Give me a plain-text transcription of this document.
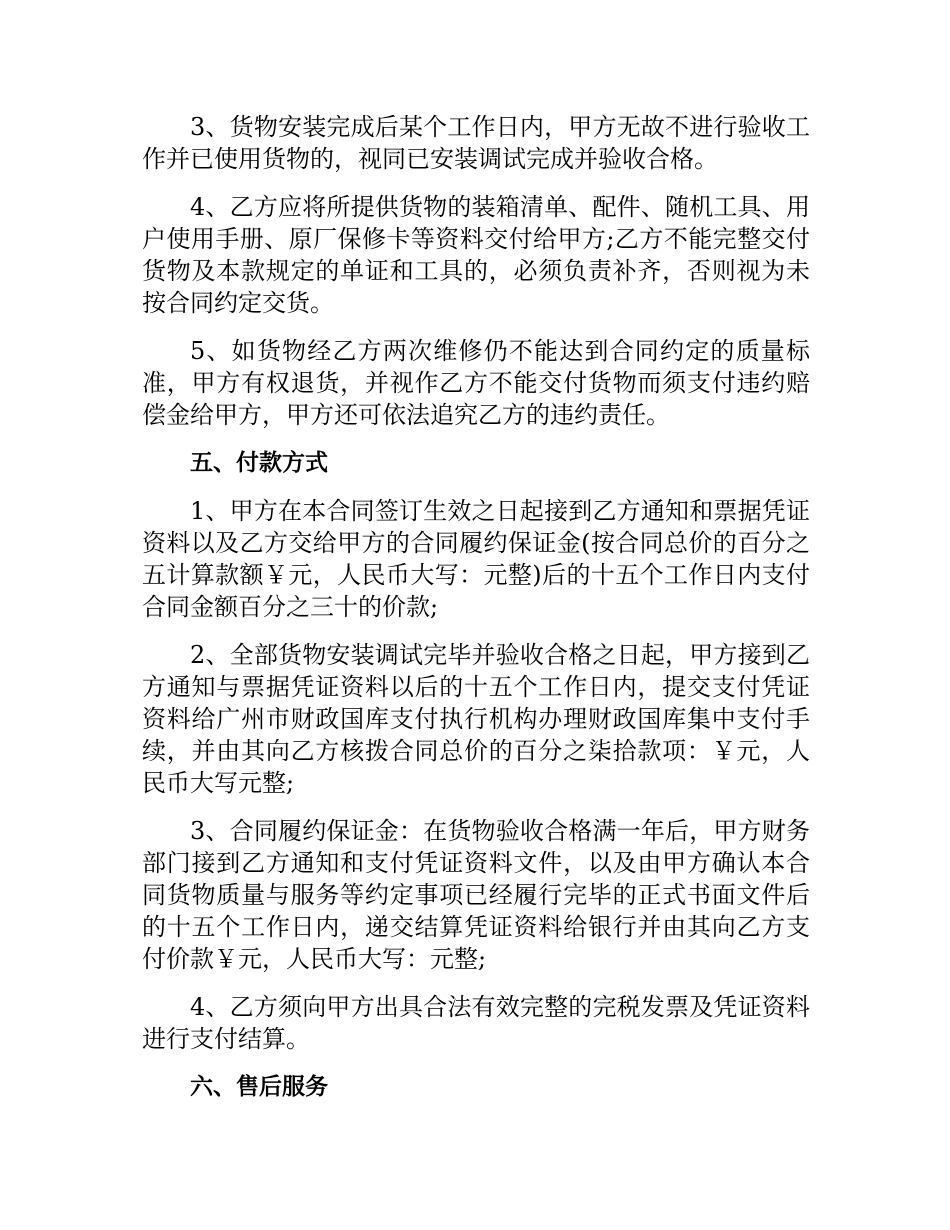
3、货物安装完成后某个工作日内，甲方无故不进行验收工作并已使用货物的，视同已安装调试完成并验收合格。

4、乙方应将所提供货物的装箱清单、配件、随机工具、用户使用手册、原厂保修卡等资料交付给甲方;乙方不能完整交付货物及本款规定的单证和工具的，必须负责补齐，否则视为未按合同约定交货。

5、如货物经乙方两次维修仍不能达到合同约定的质量标准，甲方有权退货，并视作乙方不能交付货物而须支付违约赔偿金给甲方，甲方还可依法追究乙方的违约责任。

五、付款方式

1、甲方在本合同签订生效之日起接到乙方通知和票据凭证资料以及乙方交给甲方的合同履约保证金(按合同总价的百分之五计算款额￥元，人民币大写：元整)后的十五个工作日内支付合同金额百分之三十的价款;

2、全部货物安装调试完毕并验收合格之日起，甲方接到乙方通知与票据凭证资料以后的十五个工作日内，提交支付凭证资料给广州市财政国库支付执行机构办理财政国库集中支付手续，并由其向乙方核拨合同总价的百分之柒拾款项：￥元，人民币大写元整;

3、合同履约保证金：在货物验收合格满一年后，甲方财务部门接到乙方通知和支付凭证资料文件，以及由甲方确认本合同货物质量与服务等约定事项已经履行完毕的正式书面文件后的十五个工作日内，递交结算凭证资料给银行并由其向乙方支付价款￥元，人民币大写：元整;

4、乙方须向甲方出具合法有效完整的完税发票及凭证资料进行支付结算。

六、售后服务
